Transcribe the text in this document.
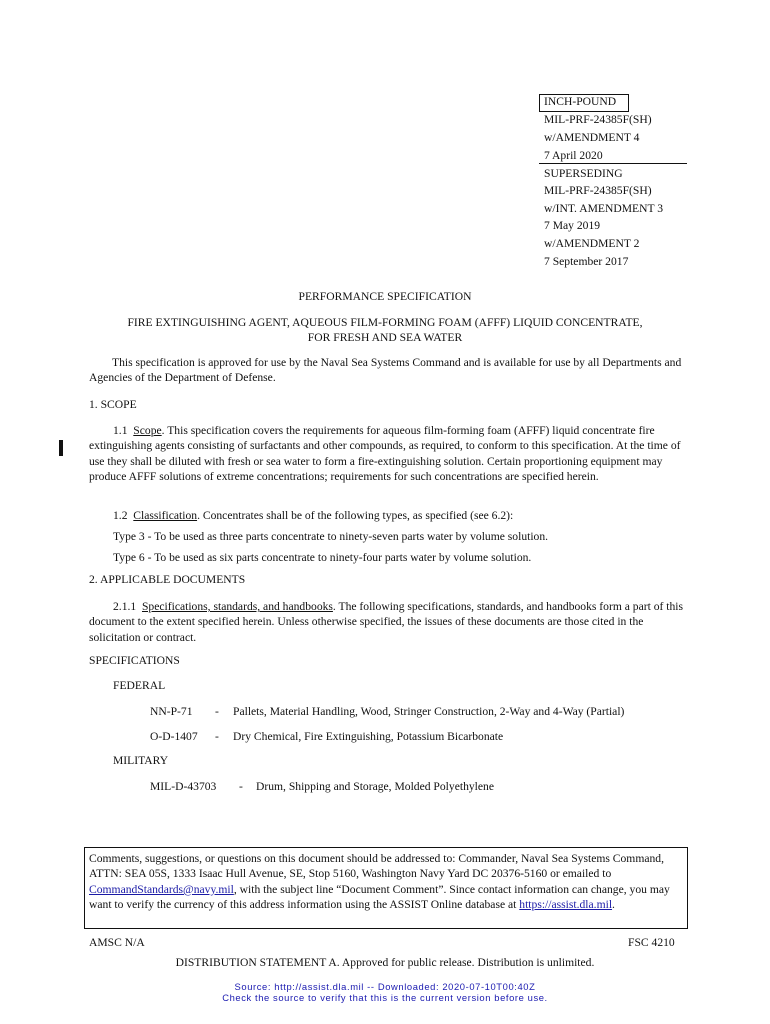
INCH-POUND
MIL-PRF-24385F(SH)
w/AMENDMENT 4
7 April 2020
SUPERSEDING
MIL-PRF-24385F(SH)
w/INT. AMENDMENT 3
7 May 2019
w/AMENDMENT 2
7 September 2017
PERFORMANCE SPECIFICATION
FIRE EXTINGUISHING AGENT, AQUEOUS FILM-FORMING FOAM (AFFF) LIQUID CONCENTRATE,
FOR FRESH AND SEA WATER

This specification is approved for use by the Naval Sea Systems Command and is available for use by all Departments and Agencies of the Department of Defense.

1. SCOPE

1.1 Scope. This specification covers the requirements for aqueous film-forming foam (AFFF) liquid concentrate fire extinguishing agents consisting of surfactants and other compounds, as required, to conform to this specification. At the time of use they shall be diluted with fresh or sea water to form a fire-extinguishing solution. Certain proportioning equipment may produce AFFF solutions of extreme concentrations; requirements for such concentrations are specified herein.

1.2 Classification. Concentrates shall be of the following types, as specified (see 6.2):

Type 3 - To be used as three parts concentrate to ninety-seven parts water by volume solution.
Type 6 - To be used as six parts concentrate to ninety-four parts water by volume solution.
2. APPLICABLE DOCUMENTS

2.1.1 Specifications, standards, and handbooks. The following specifications, standards, and handbooks form a part of this document to the extent specified herein. Unless otherwise specified, the issues of these documents are those cited in the solicitation or contract.

SPECIFICATIONS
FEDERAL
NN-P-71 - Pallets, Material Handling, Wood, Stringer Construction, 2-Way and 4-Way (Partial)
O-D-1407 - Dry Chemical, Fire Extinguishing, Potassium Bicarbonate
MILITARY
MIL-D-43703 - Drum, Shipping and Storage, Molded Polyethylene
Comments, suggestions, or questions on this document should be addressed to: Commander, Naval Sea Systems Command, ATTN: SEA 05S, 1333 Isaac Hull Avenue, SE, Stop 5160, Washington Navy Yard DC 20376-5160 or emailed to CommandStandards@navy.mil, with the subject line “Document Comment”. Since contact information can change, you may want to verify the currency of this address information using the ASSIST Online database at https://assist.dla.mil.
AMSC N/A	FSC 4210
DISTRIBUTION STATEMENT A. Approved for public release. Distribution is unlimited.
Source: http://assist.dla.mil -- Downloaded: 2020-07-10T00:40Z
Check the source to verify that this is the current version before use.
